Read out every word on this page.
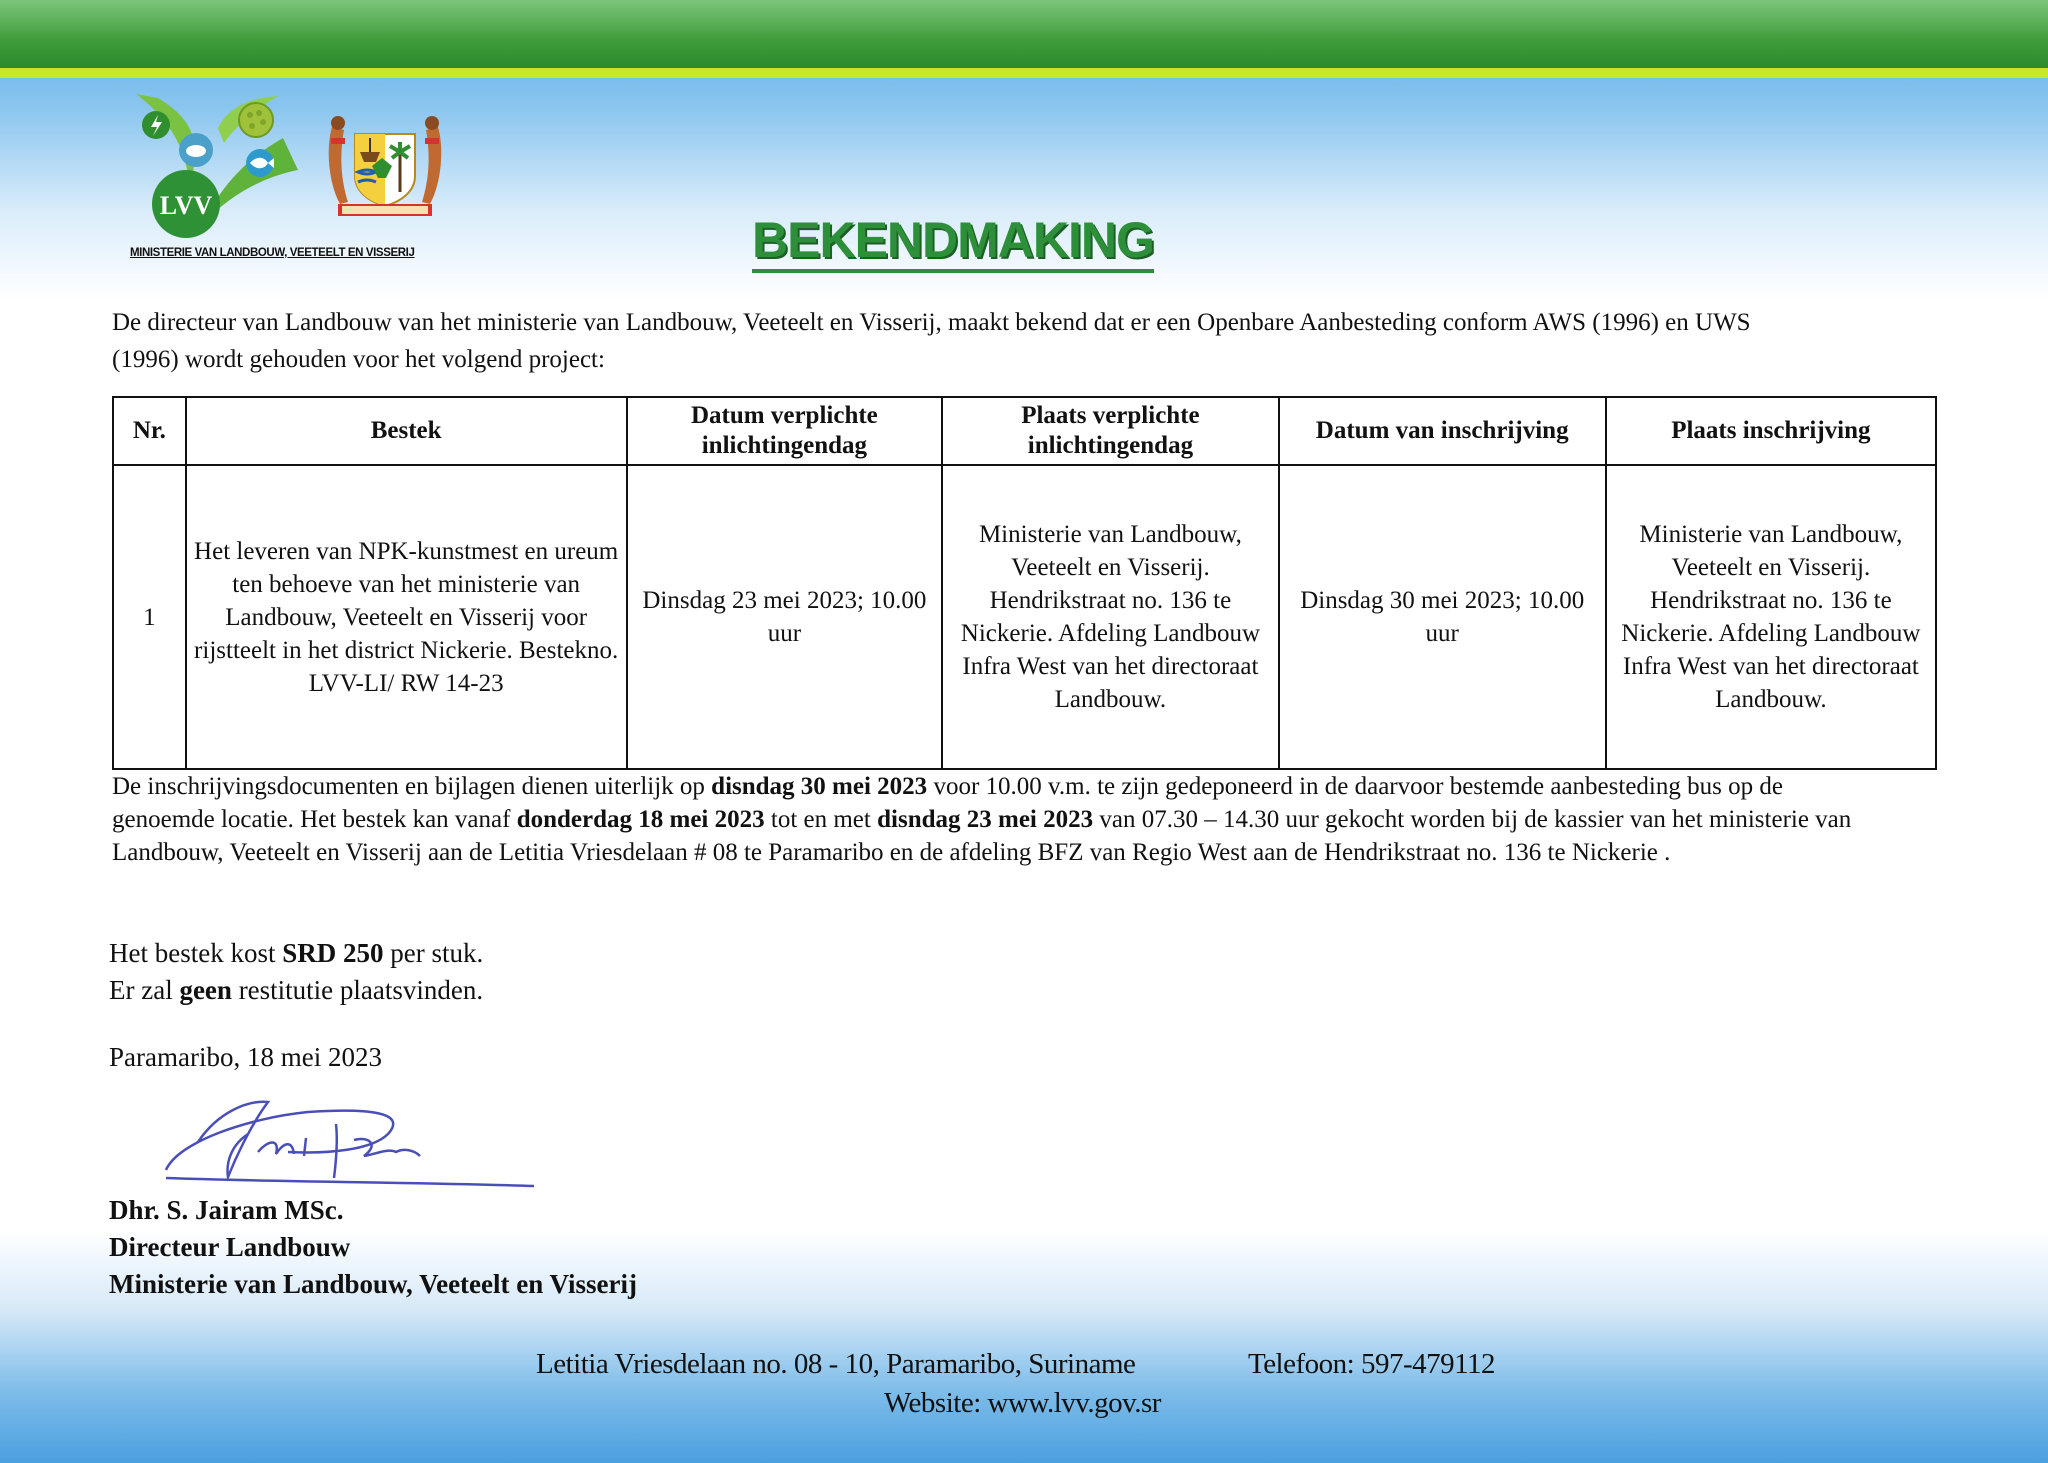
LVV
MINISTERIE VAN LANDBOUW, VEETEELT EN VISSERIJ	BEKENDMAKING

De directeur van Landbouw van het ministerie van Landbouw, Veeteelt en Visserij, maakt bekend dat er een Openbare Aanbesteding conform AWS (1996) en UWS (1996) wordt gehouden voor het volgend project:

Nr.	Bestek	Datum verplichte inlichtingendag	Plaats verplichte inlichtingendag	Datum van inschrijving	Plaats inschrijving
1	Het leveren van NPK-kunstmest en ureum ten behoeve van het ministerie van Landbouw, Veeteelt en Visserij voor rijstteelt in het district Nickerie. Bestekno. LVV-LI/ RW 14-23	Dinsdag 23 mei 2023; 10.00 uur	Ministerie van Landbouw, Veeteelt en Visserij. Hendrikstraat no. 136 te Nickerie. Afdeling Landbouw Infra West van het directoraat Landbouw.	Dinsdag 30 mei 2023; 10.00 uur	Ministerie van Landbouw, Veeteelt en Visserij. Hendrikstraat no. 136 te Nickerie. Afdeling Landbouw Infra West van het directoraat Landbouw.

De inschrijvingsdocumenten en bijlagen dienen uiterlijk op disndag 30 mei 2023 voor 10.00 v.m. te zijn gedeponeerd in de daarvoor bestemde aanbesteding bus op de genoemde locatie. Het bestek kan vanaf donderdag 18 mei 2023 tot en met disndag 23 mei 2023 van 07.30 – 14.30 uur gekocht worden bij de kassier van het ministerie van Landbouw, Veeteelt en Visserij aan de Letitia Vriesdelaan # 08 te Paramaribo en de afdeling BFZ van Regio West aan de Hendrikstraat no. 136 te Nickerie .

Het bestek kost SRD 250 per stuk.
Er zal geen restitutie plaatsvinden.
Paramaribo, 18 mei 2023
Dhr. S. Jairam MSc.
Directeur Landbouw
Ministerie van Landbouw, Veeteelt en Visserij
Letitia Vriesdelaan no. 08 - 10, Paramaribo, Suriname	Telefoon: 597-479112
Website: www.lvv.gov.sr
